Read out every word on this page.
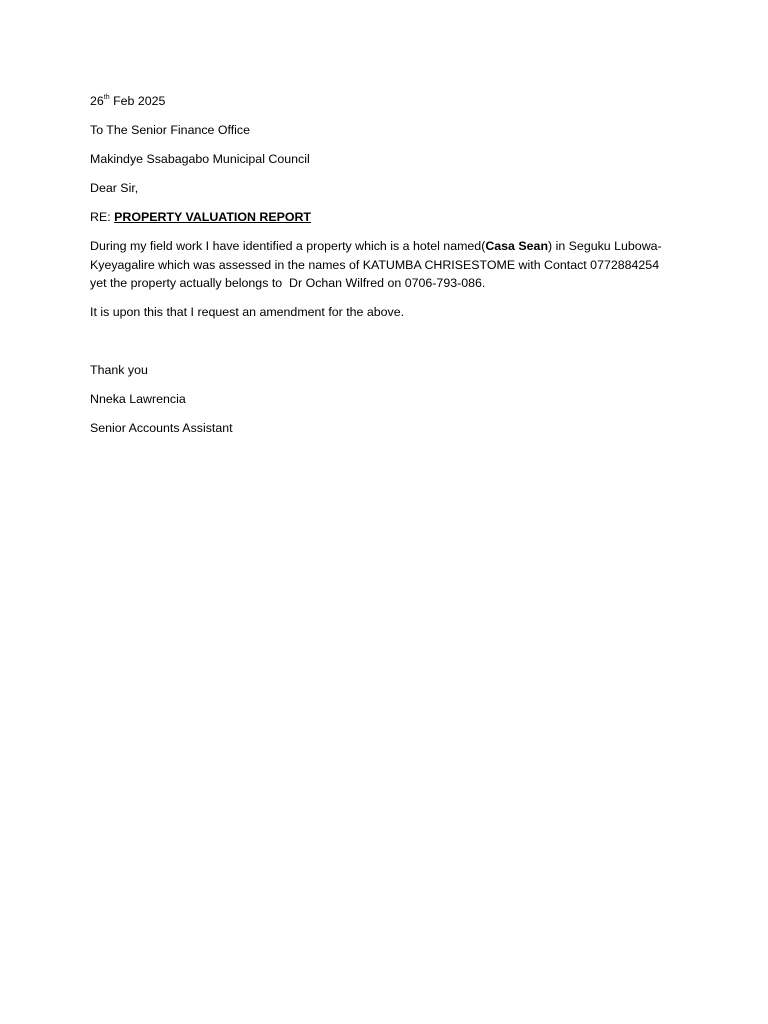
26th Feb 2025
To The Senior Finance Office
Makindye Ssabagabo Municipal Council
Dear Sir,
RE: PROPERTY VALUATION REPORT
During my field work I have identified a property which is a hotel named(Casa Sean) in Seguku Lubowa-Kyeyagalire which was assessed in the names of KATUMBA CHRISESTOME with Contact 0772884254 yet the property actually belongs to  Dr Ochan Wilfred on 0706-793-086.
It is upon this that I request an amendment for the above.
Thank you
Nneka Lawrencia
Senior Accounts Assistant
